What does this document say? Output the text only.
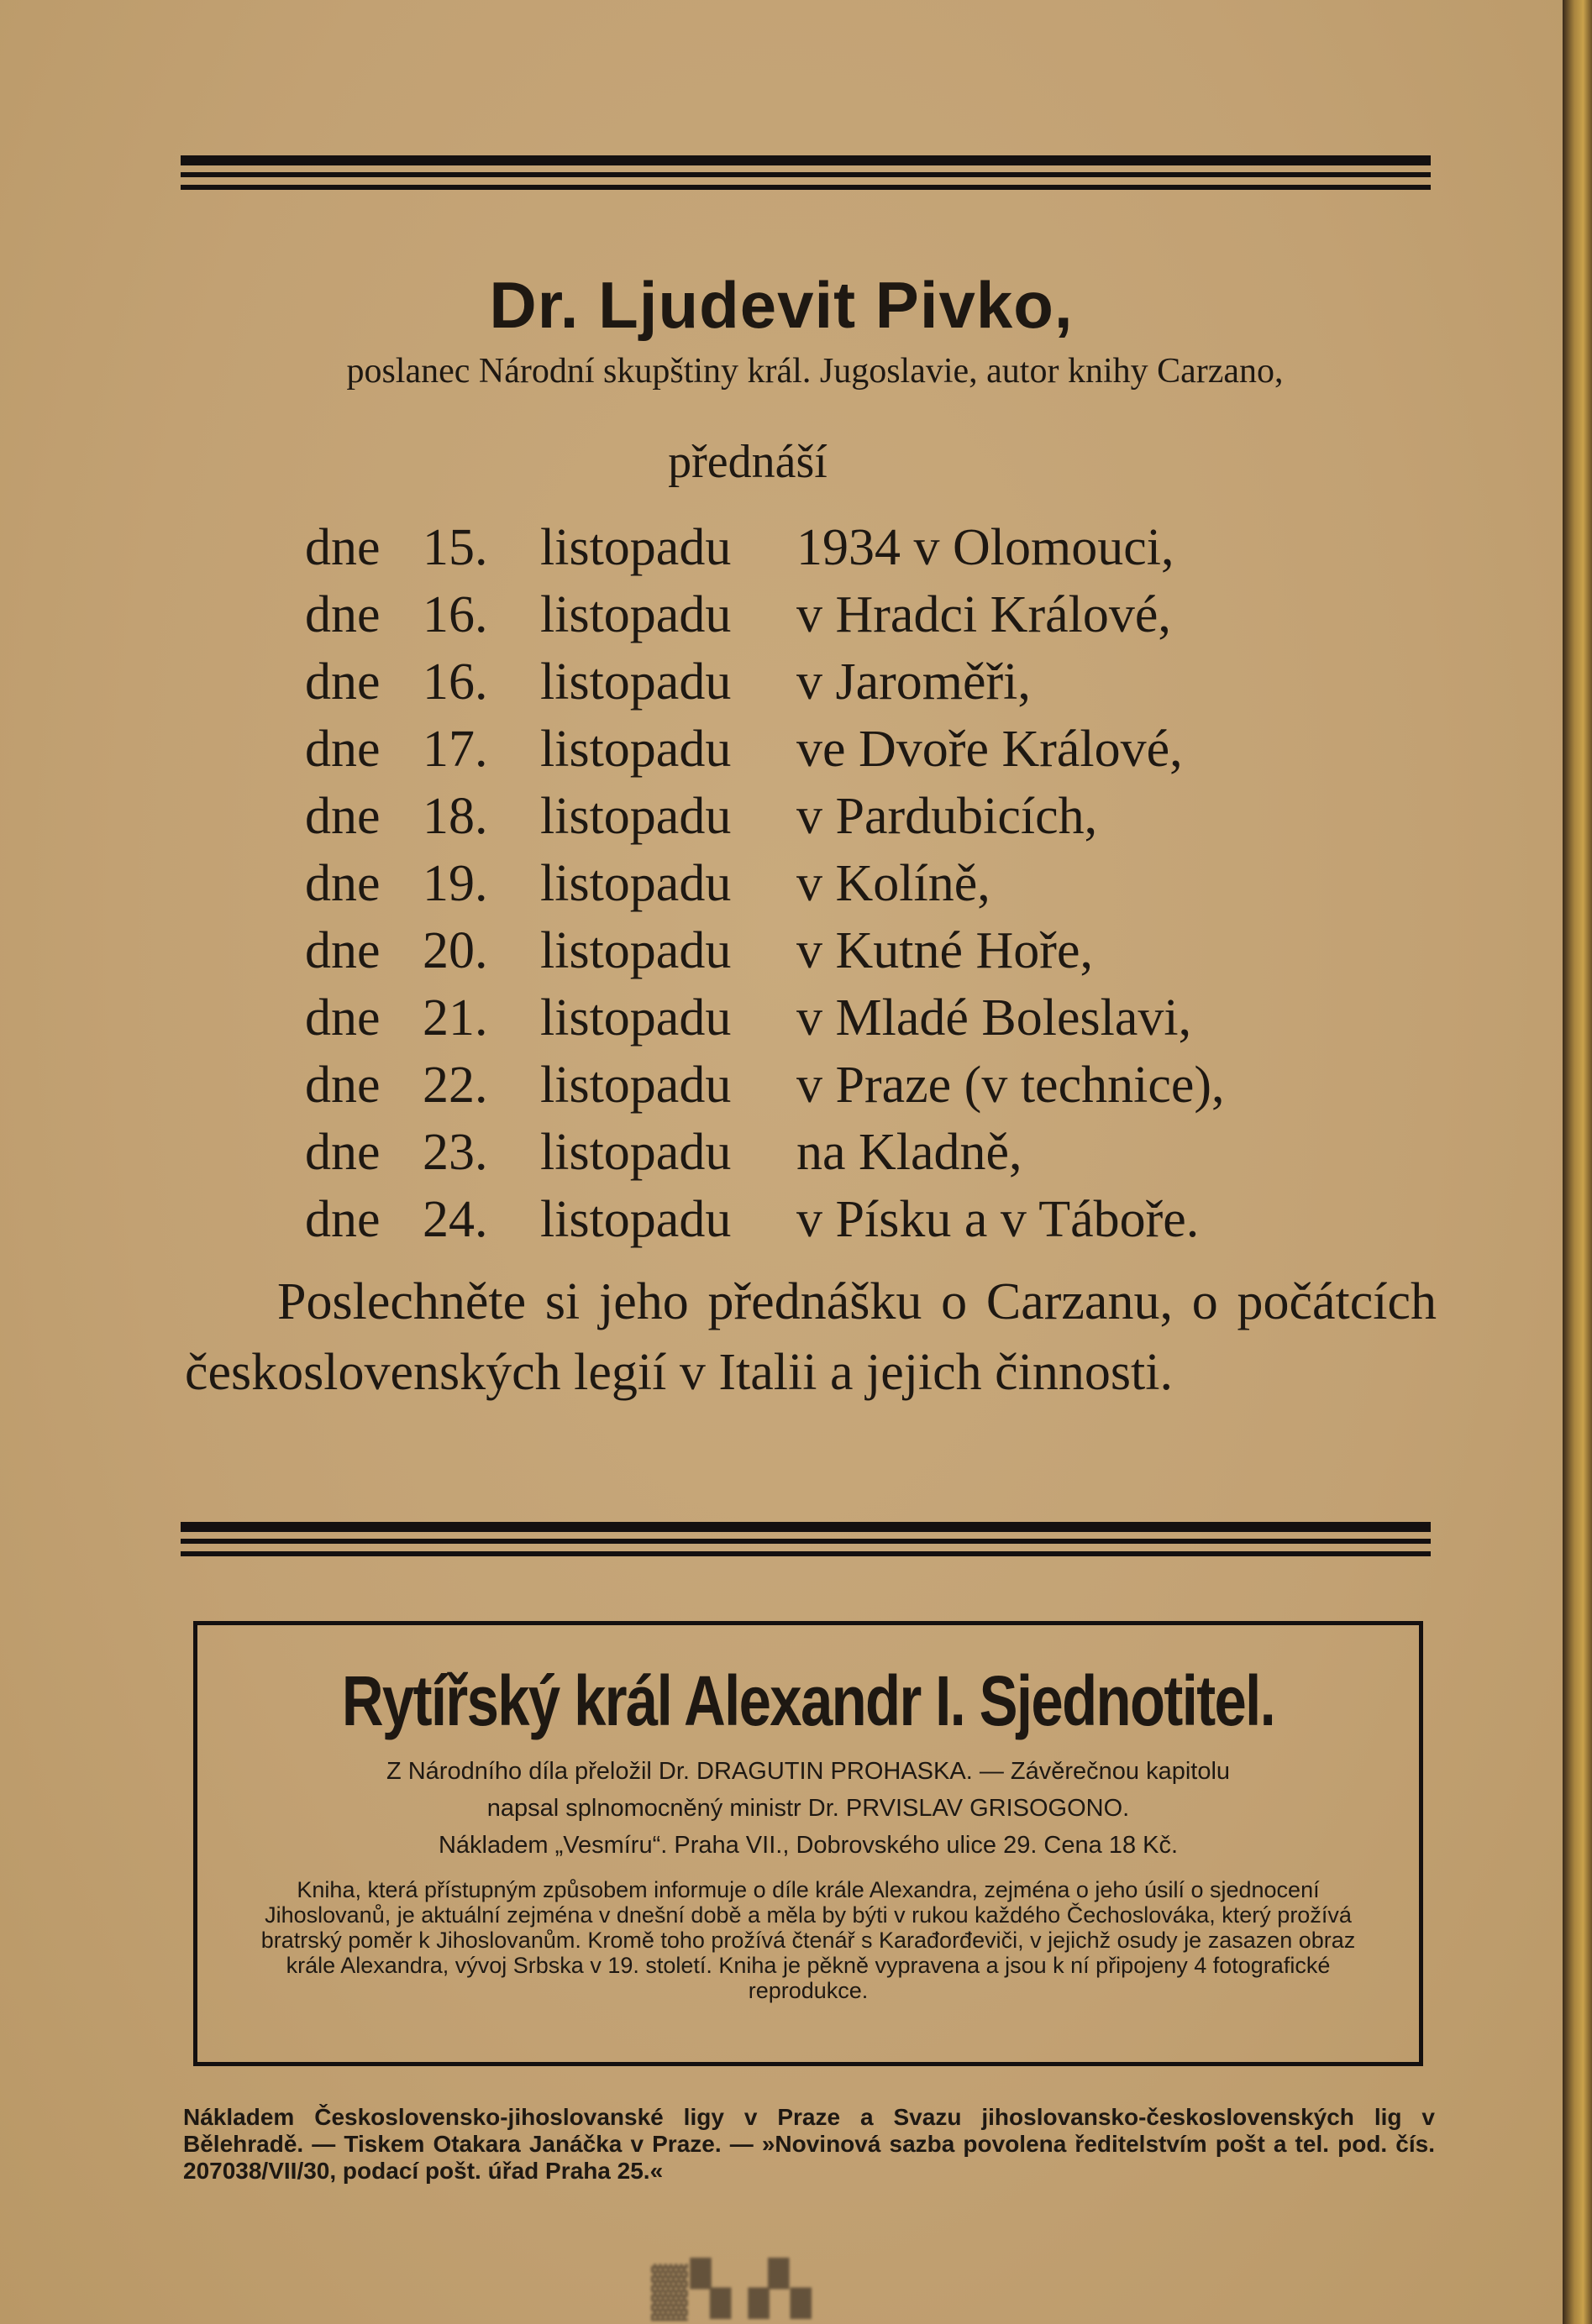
Dr. Ljudevit Pivko,
poslanec Národní skupštiny král. Jugoslavie, autor knihy Carzano,
přednáší
dne 15. listopadu 1934 v Olomouci,
dne 16. listopadu v Hradci Králové,
dne 16. listopadu v Jaroměři,
dne 17. listopadu ve Dvoře Králové,
dne 18. listopadu v Pardubicích,
dne 19. listopadu v Kolíně,
dne 20. listopadu v Kutné Hoře,
dne 21. listopadu v Mladé Boleslavi,
dne 22. listopadu v Praze (v technice),
dne 23. listopadu na Kladně,
dne 24. listopadu v Písku a v Táboře.
Poslechněte si jeho přednášku o Carzanu, o počátcích československých legií v Italii a jejich činnosti.
Rytířský král Alexandr I. Sjednotitel.
Z Národního díla přeložil Dr. DRAGUTIN PROHASKA. — Závěrečnou kapitolu
napsal splnomocněný ministr Dr. PRVISLAV GRISOGONO.
Nákladem „Vesmíru“. Praha VII., Dobrovského ulice 29. Cena 18 Kč.
Kniha, která přístupným způsobem informuje o díle krále Alexandra, zejména o jeho úsilí o sjednocení Jihoslovanů, je aktuální zejména v dnešní době a měla by býti v rukou každého Čechoslováka, který prožívá bratrský poměr k Jihoslovanům. Kromě toho prožívá čtenář s Karađorđeviči, v jejichž osudy je zasazen obraz krále Alexandra, vývoj Srbska v 19. století. Kniha je pěkně vypravena a jsou k ní připojeny 4 fotografické reprodukce.
Nákladem Československo-jihoslovanské ligy v Praze a Svazu jihoslovansko-československých lig v Bělehradě. — Tiskem Otakara Janáčka v Praze. — »Novinová sazba povolena ředitelstvím pošt a tel. pod. čís. 207038/VII/30, podací pošt. úřad Praha 25.«
▓▚ ▞▖
